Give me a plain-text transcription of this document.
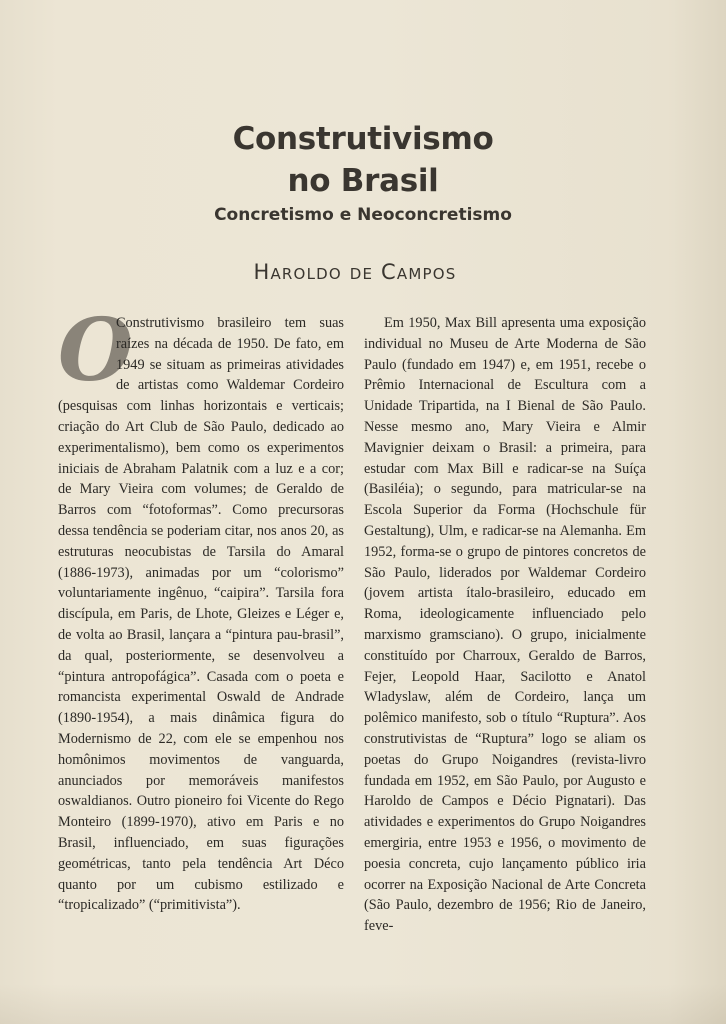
Construtivismo
no Brasil
Concretismo e Neoconcretismo
Haroldo de Campos
O

Construtivismo brasileiro tem suas raízes na década de 1950. De fato, em 1949 se situam as primeiras atividades de artistas como Waldemar Cordeiro (pesquisas com linhas horizontais e verticais; criação do Art Club de São Paulo, dedicado ao experimentalismo), bem como os experimentos iniciais de Abraham Palatnik com a luz e a cor; de Mary Vieira com volumes; de Geraldo de Barros com “fotoformas”. Como precursoras dessa tendência se poderiam citar, nos anos 20, as estruturas neocubistas de Tarsila do Amaral (1886-1973), animadas por um “colorismo” voluntariamente ingênuo, “caipira”. Tarsila fora discípula, em Paris, de Lhote, Gleizes e Léger e, de volta ao Brasil, lançara a “pintura pau-brasil”, da qual, posteriormente, se desenvolveu a “pintura antropofágica”. Casada com o poeta e romancista experimental Oswald de Andrade (1890-1954), a mais dinâmica figura do Modernismo de 22, com ele se empenhou nos homônimos movimentos de vanguarda, anunciados por memoráveis manifestos oswaldianos. Outro pioneiro foi Vicente do Rego Monteiro (1899-1970), ativo em Paris e no Brasil, influenciado, em suas figurações geométricas, tanto pela tendência Art Déco quanto por um cubismo estilizado e “tropicalizado” (“primitivista”).

Em 1950, Max Bill apresenta uma exposição individual no Museu de Arte Moderna de São Paulo (fundado em 1947) e, em 1951, recebe o Prêmio Internacional de Escultura com a Unidade Tripartida, na I Bienal de São Paulo. Nesse mesmo ano, Mary Vieira e Almir Mavignier deixam o Brasil: a primeira, para estudar com Max Bill e radicar-se na Suíça (Basiléia); o segundo, para matricular-se na Escola Superior da Forma (Hochschule für Gestaltung), Ulm, e radicar-se na Alemanha. Em 1952, forma-se o grupo de pintores concretos de São Paulo, liderados por Waldemar Cordeiro (jovem artista ítalo-brasileiro, educado em Roma, ideologicamente influenciado pelo marxismo gramsciano). O grupo, inicialmente constituído por Charroux, Geraldo de Barros, Fejer, Leopold Haar, Sacilotto e Anatol Wladyslaw, além de Cordeiro, lança um polêmico manifesto, sob o título “Ruptura”. Aos construtivistas de “Ruptura” logo se aliam os poetas do Grupo Noigandres (revista-livro fundada em 1952, em São Paulo, por Augusto e Haroldo de Campos e Décio Pignatari). Das atividades e experimentos do Grupo Noigandres emergiria, entre 1953 e 1956, o movimento de poesia concreta, cujo lançamento público iria ocorrer na Exposição Nacional de Arte Concreta (São Paulo, dezembro de 1956; Rio de Janeiro, feve-
